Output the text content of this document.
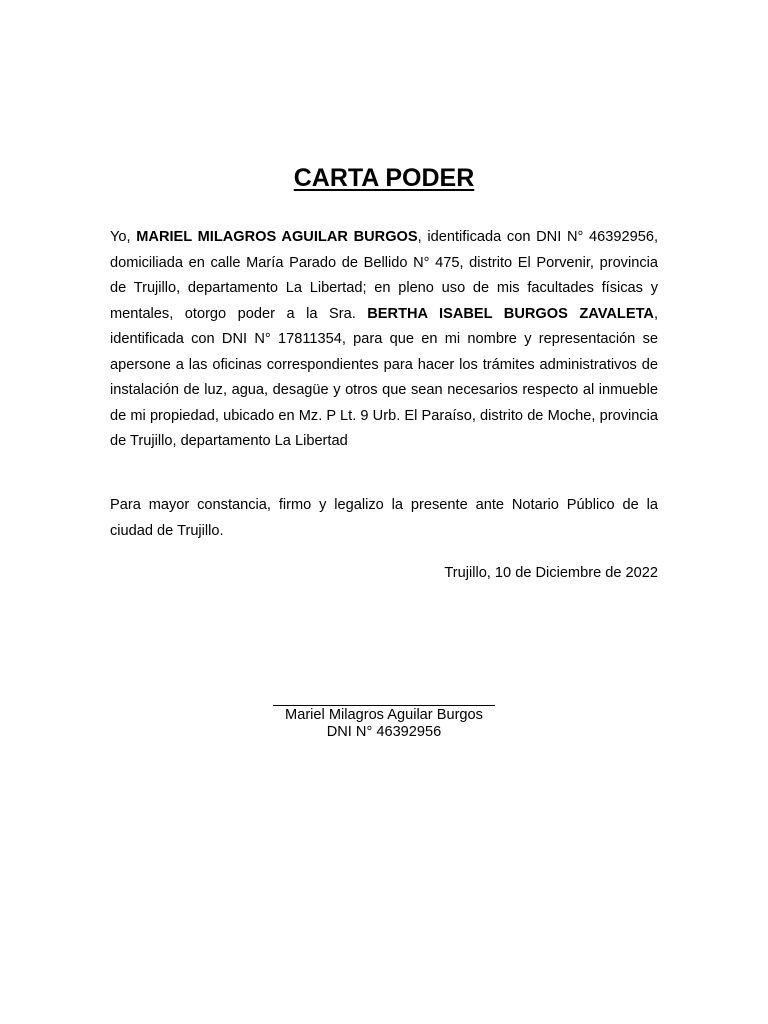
CARTA PODER

Yo, MARIEL MILAGROS AGUILAR BURGOS, identificada con DNI N° 46392956, domiciliada en calle María Parado de Bellido N° 475, distrito El Porvenir, provincia de Trujillo, departamento La Libertad; en pleno uso de mis facultades físicas y mentales, otorgo poder a la Sra. BERTHA ISABEL BURGOS ZAVALETA, identificada con DNI N° 17811354, para que en mi nombre y representación se apersone a las oficinas correspondientes para hacer los trámites administrativos de instalación de luz, agua, desagüe y otros que sean necesarios respecto al inmueble de mi propiedad, ubicado en Mz. P Lt. 9 Urb. El Paraíso, distrito de Moche, provincia de Trujillo, departamento La Libertad

Para mayor constancia, firmo y legalizo la presente ante Notario Público de la ciudad de Trujillo.

Trujillo, 10 de Diciembre de 2022

Mariel Milagros Aguilar Burgos

DNI N° 46392956
